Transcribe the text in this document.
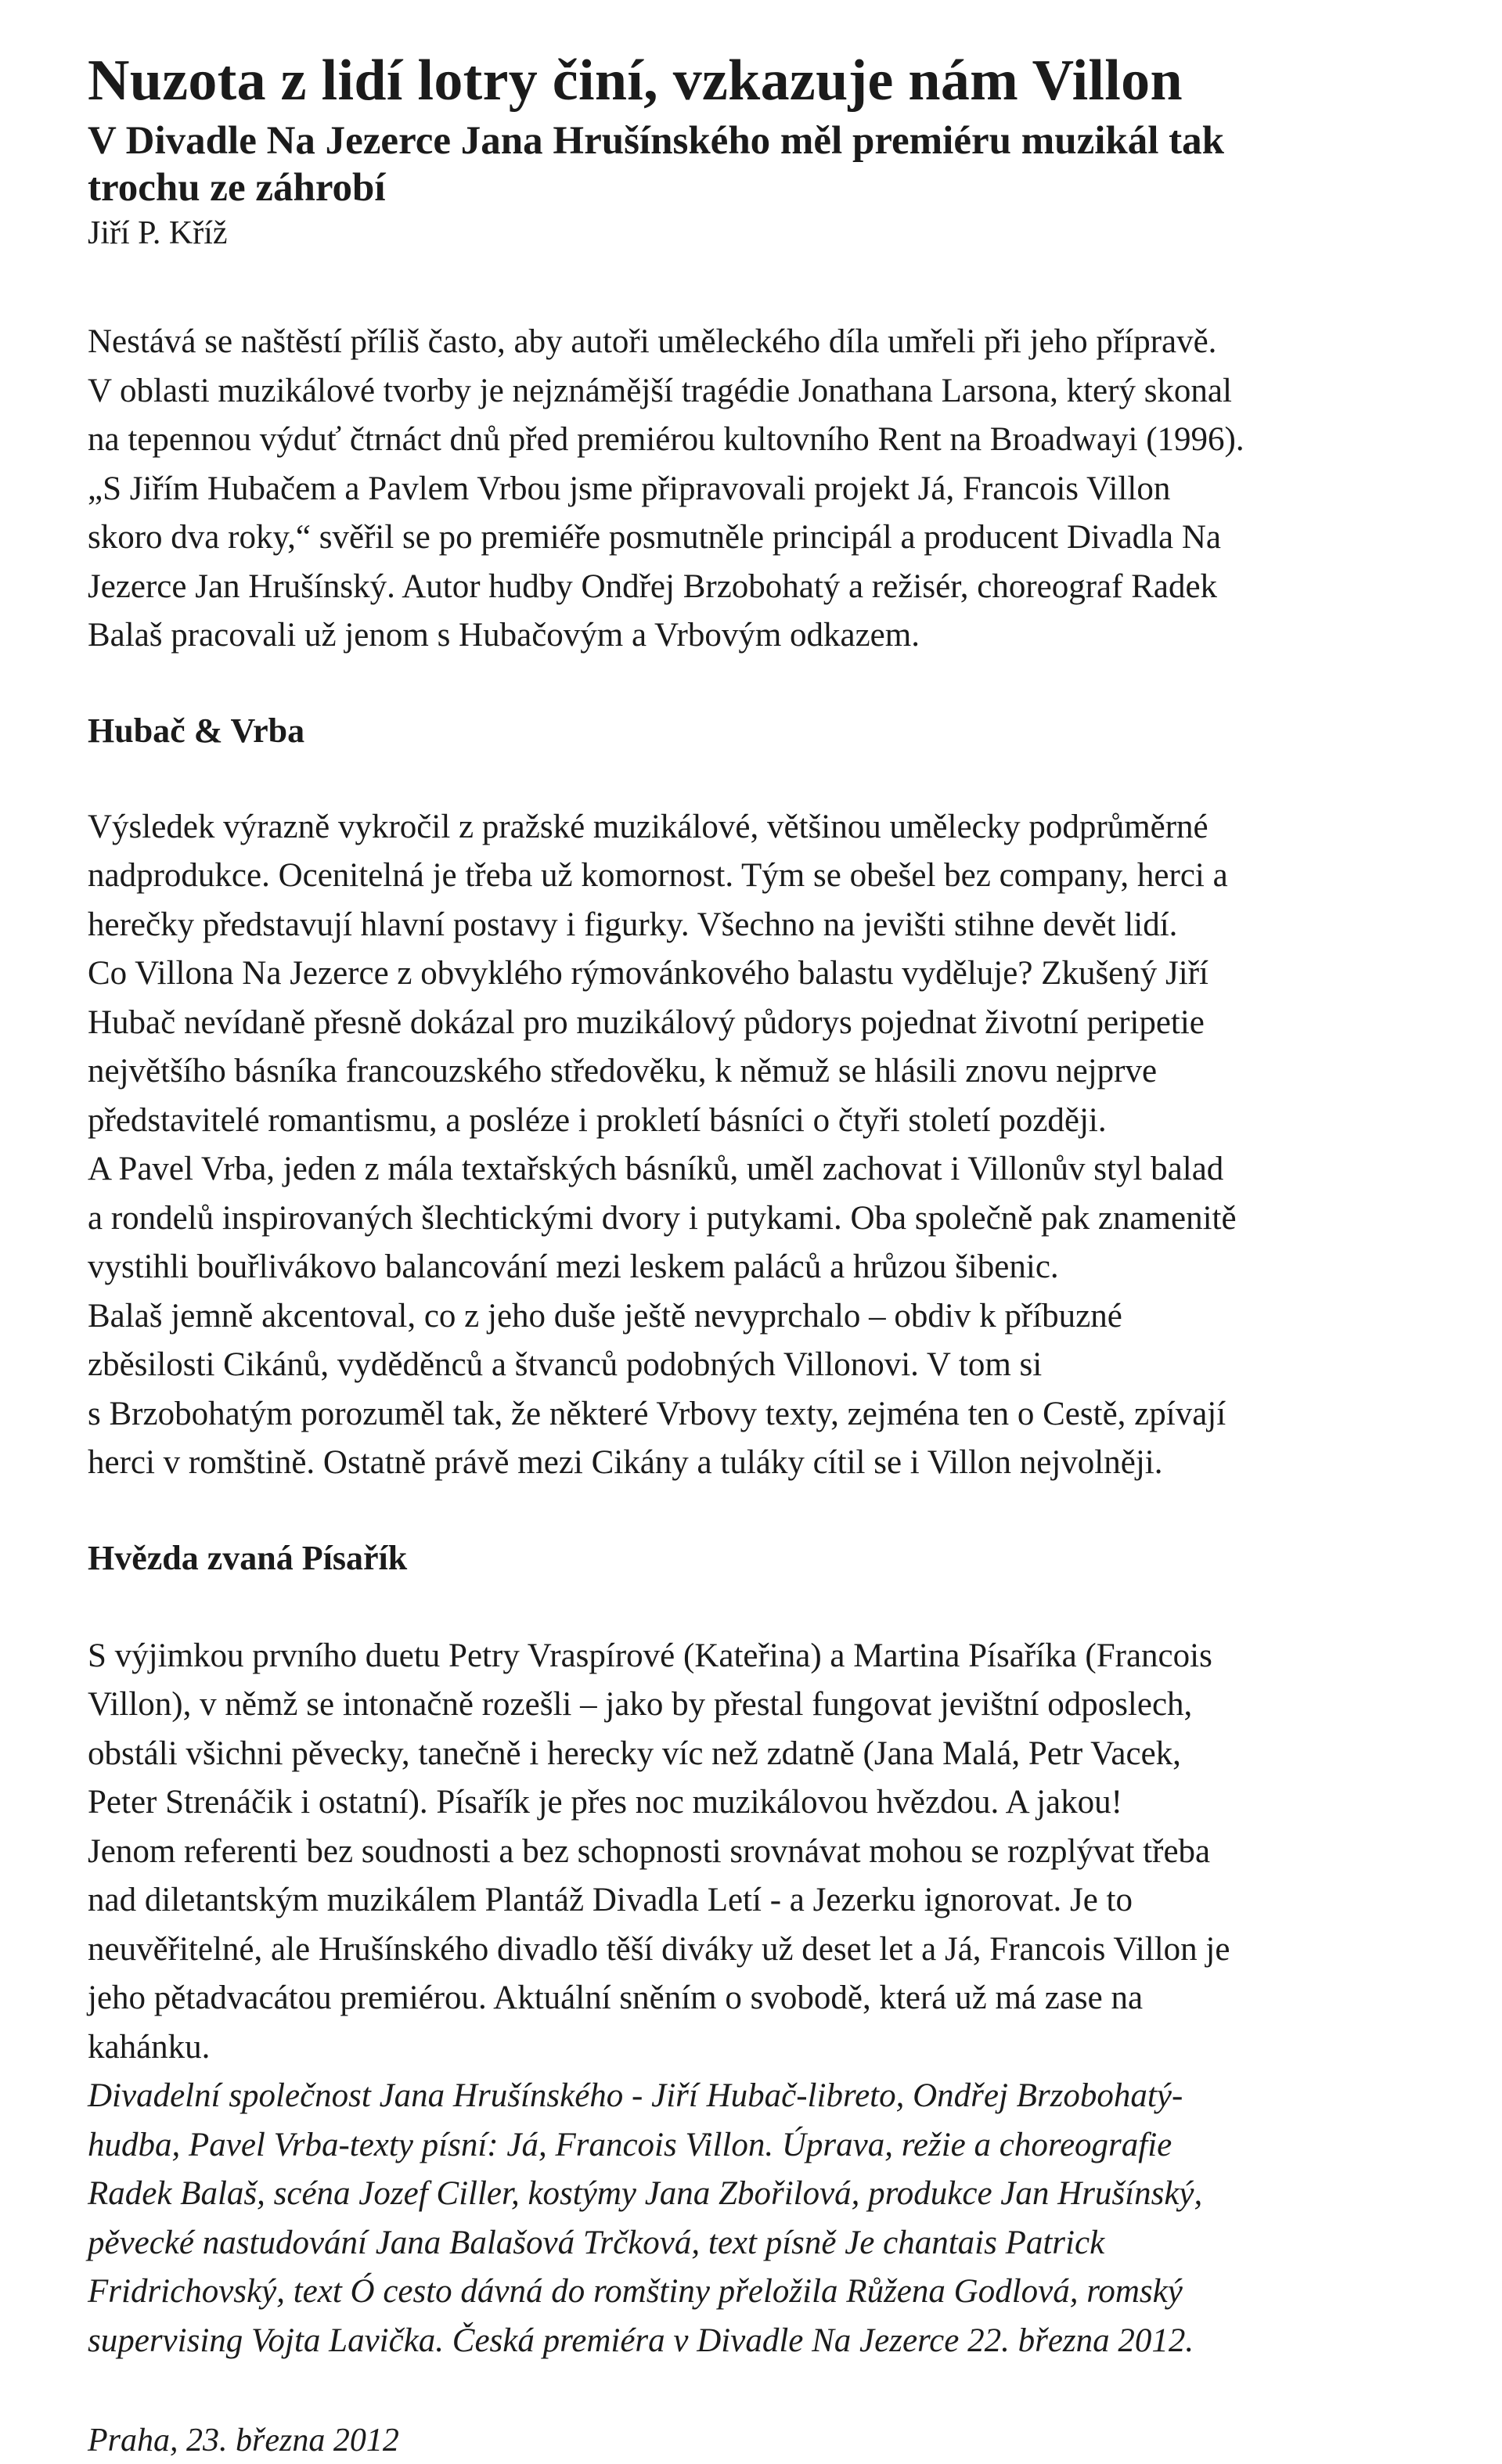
Nuzota z lidí lotry činí, vzkazuje nám Villon
V Divadle Na Jezerce Jana Hrušínského měl premiéru muzikál tak trochu ze záhrobí
Jiří P. Kříž
Nestává se naštěstí příliš často, aby autoři uměleckého díla umřeli při jeho přípravě.
V oblasti muzikálové tvorby je nejznámější tragédie Jonathana Larsona, který skonal
na tepennou výduť čtrnáct dnů před premiérou kultovního Rent na Broadwayi (1996).
„S Jiřím Hubačem a Pavlem Vrbou jsme připravovali projekt Já, Francois Villon
skoro dva roky,“ svěřil se po premiéře posmutněle principál a producent Divadla Na
Jezerce Jan Hrušínský. Autor hudby Ondřej Brzobohatý a režisér, choreograf Radek
Balaš pracovali už jenom s Hubačovým a Vrbovým odkazem.
Hubač & Vrba
Výsledek výrazně vykročil z pražské muzikálové, většinou umělecky podprůměrné
nadprodukce. Ocenitelná je třeba už komornost. Tým se obešel bez company, herci a
herečky představují hlavní postavy i figurky. Všechno na jevišti stihne devět lidí.
Co Villona Na Jezerce z obvyklého rýmovánkového balastu vyděluje? Zkušený Jiří
Hubač nevídaně přesně dokázal pro muzikálový půdorys pojednat životní peripetie
největšího básníka francouzského středověku, k němuž se hlásili znovu nejprve
představitelé romantismu, a posléze i prokletí básníci o čtyři století později.
A Pavel Vrba, jeden z mála textařských básníků, uměl zachovat i Villonův styl balad
a rondelů inspirovaných šlechtickými dvory i putykami. Oba společně pak znamenitě
vystihli bouřlivákovo balancování mezi leskem paláců a hrůzou šibenic.
Balaš jemně akcentoval, co z jeho duše ještě nevyprchalo – obdiv k příbuzné
zběsilosti Cikánů, vyděděnců a štvanců podobných Villonovi. V tom si
s Brzobohatým porozuměl tak, že některé Vrbovy texty, zejména ten o Cestě, zpívají
herci v romštině. Ostatně právě mezi Cikány a tuláky cítil se i Villon nejvolněji.
Hvězda zvaná Písařík
S výjimkou prvního duetu Petry Vraspírové (Kateřina) a Martina Písaříka (Francois
Villon), v němž se intonačně rozešli – jako by přestal fungovat jevištní odposlech,
obstáli všichni pěvecky, tanečně i herecky víc než zdatně (Jana Malá, Petr Vacek,
Peter Strenáčik i ostatní). Písařík je přes noc muzikálovou hvězdou. A jakou!
Jenom referenti bez soudnosti a bez schopnosti srovnávat mohou se rozplývat třeba
nad diletantským muzikálem Plantáž Divadla Letí - a Jezerku ignorovat. Je to
neuvěřitelné, ale Hrušínského divadlo těší diváky už deset let a Já, Francois Villon je
jeho pětadvacátou premiérou. Aktuální sněním o svobodě, která už má zase na
kahánku.
Divadelní společnost Jana Hrušínského - Jiří Hubač-libreto, Ondřej Brzobohatý-
hudba, Pavel Vrba-texty písní: Já, Francois Villon. Úprava, režie a choreografie
Radek Balaš, scéna Jozef Ciller, kostýmy Jana Zbořilová, produkce Jan Hrušínský,
pěvecké nastudování Jana Balašová Trčková, text písně Je chantais Patrick
Fridrichovský, text Ó cesto dávná do romštiny přeložila Růžena Godlová, romský
supervising Vojta Lavička. Česká premiéra v Divadle Na Jezerce 22. března 2012.
Praha, 23. března 2012
